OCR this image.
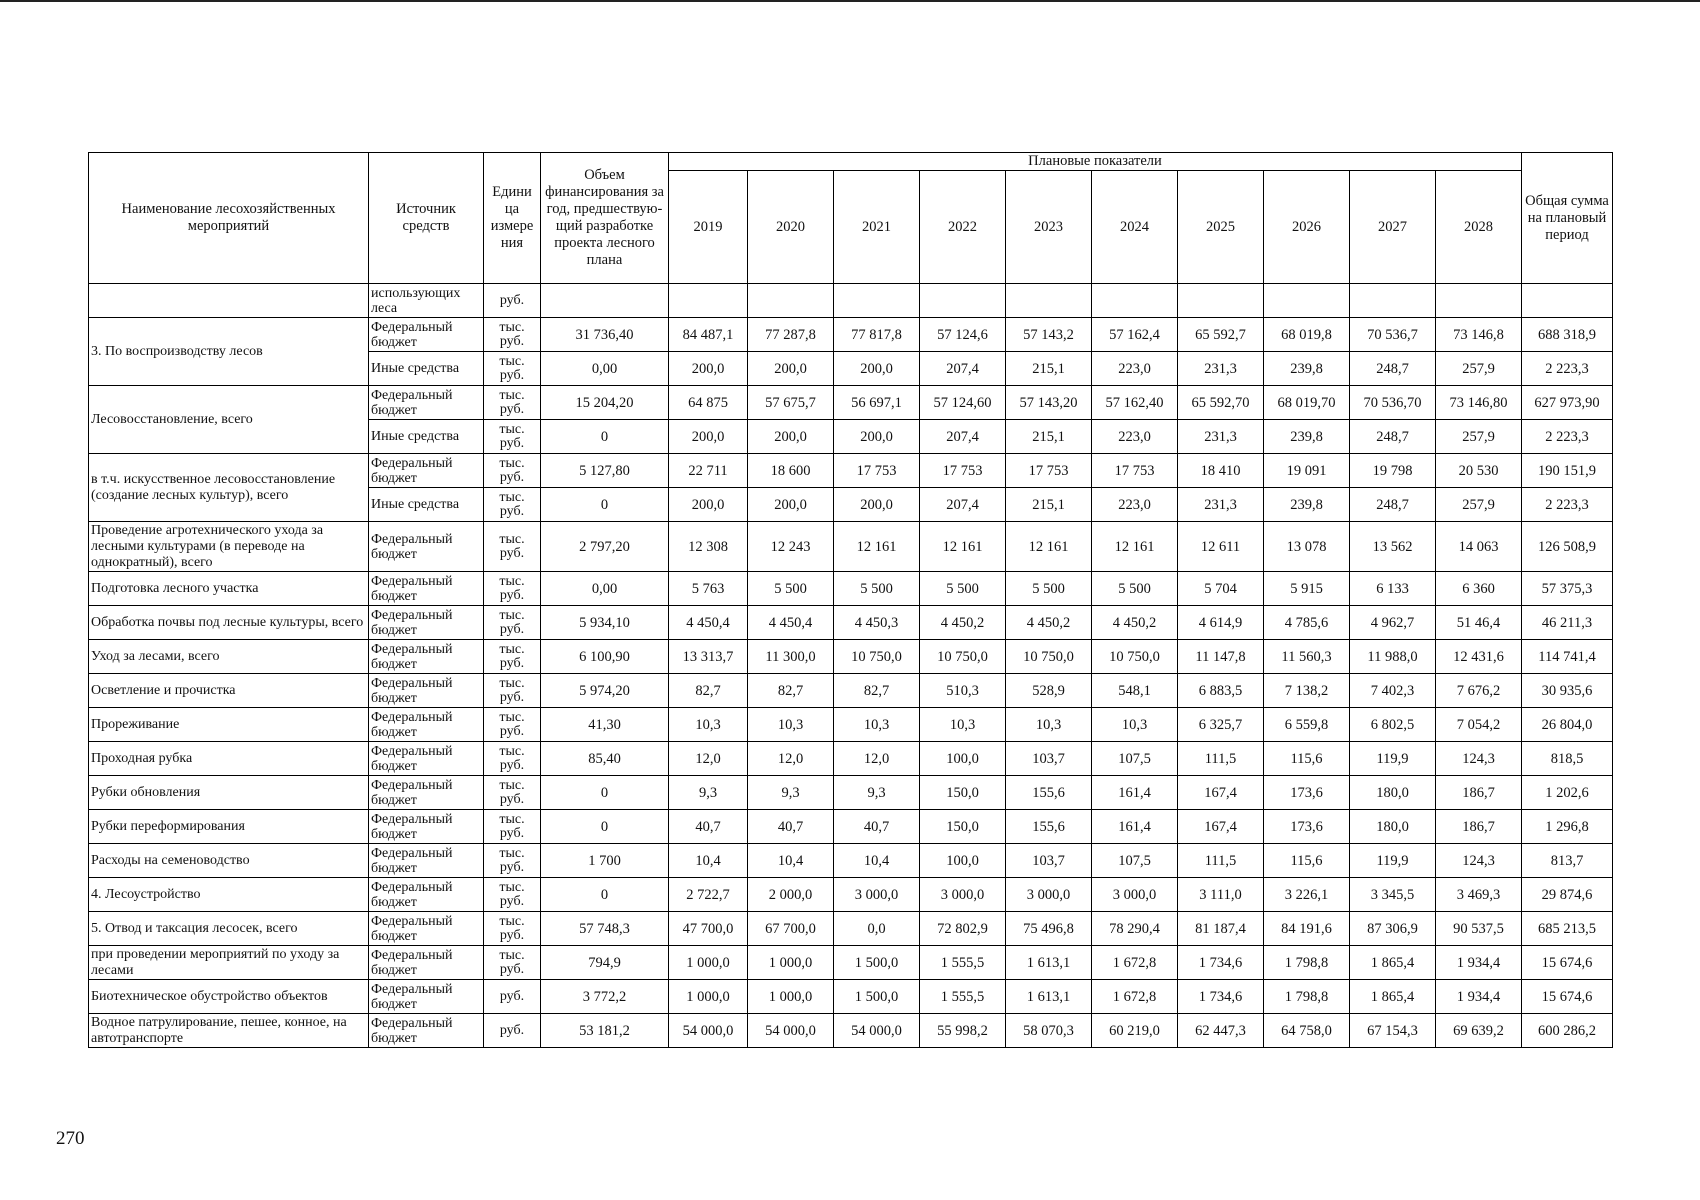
Наименование лесохозяйственных мероприятий	Источник средств	Едини ца измере ния	Объем финансирования за год, предшествую-щий разработке проекта лесного плана	Плановые показатели										Общая сумма на плановый период
				2019	2020	2021	2022	2023	2024	2025	2026	2027	2028	
	использующих леса	руб.												
3. По воспроизводству лесов	Федеральный бюджет	тыс. руб.	31 736,40	84 487,1	77 287,8	77 817,8	57 124,6	57 143,2	57 162,4	65 592,7	68 019,8	70 536,7	73 146,8	688 318,9
	Иные средства	тыс. руб.	0,00	200,0	200,0	200,0	207,4	215,1	223,0	231,3	239,8	248,7	257,9	2 223,3
Лесовосстановление, всего	Федеральный бюджет	тыс. руб.	15 204,20	64 875	57 675,7	56 697,1	57 124,60	57 143,20	57 162,40	65 592,70	68 019,70	70 536,70	73 146,80	627 973,90
	Иные средства	тыс. руб.	0	200,0	200,0	200,0	207,4	215,1	223,0	231,3	239,8	248,7	257,9	2 223,3
в т.ч. искусственное лесовосстановление (создание лесных культур), всего	Федеральный бюджет	тыс. руб.	5 127,80	22 711	18 600	17 753	17 753	17 753	17 753	18 410	19 091	19 798	20 530	190 151,9
	Иные средства	тыс. руб.	0	200,0	200,0	200,0	207,4	215,1	223,0	231,3	239,8	248,7	257,9	2 223,3
Проведение агротехнического ухода за лесными культурами (в переводе на однократный), всего	Федеральный бюджет	тыс. руб.	2 797,20	12 308	12 243	12 161	12 161	12 161	12 161	12 611	13 078	13 562	14 063	126 508,9
Подготовка лесного участка	Федеральный бюджет	тыс. руб.	0,00	5 763	5 500	5 500	5 500	5 500	5 500	5 704	5 915	6 133	6 360	57 375,3
Обработка почвы под лесные культуры, всего	Федеральный бюджет	тыс. руб.	5 934,10	4 450,4	4 450,4	4 450,3	4 450,2	4 450,2	4 450,2	4 614,9	4 785,6	4 962,7	51 46,4	46 211,3
Уход за лесами, всего	Федеральный бюджет	тыс. руб.	6 100,90	13 313,7	11 300,0	10 750,0	10 750,0	10 750,0	10 750,0	11 147,8	11 560,3	11 988,0	12 431,6	114 741,4
Осветление и прочистка	Федеральный бюджет	тыс. руб.	5 974,20	82,7	82,7	82,7	510,3	528,9	548,1	6 883,5	7 138,2	7 402,3	7 676,2	30 935,6
Прореживание	Федеральный бюджет	тыс. руб.	41,30	10,3	10,3	10,3	10,3	10,3	10,3	6 325,7	6 559,8	6 802,5	7 054,2	26 804,0
Проходная рубка	Федеральный бюджет	тыс. руб.	85,40	12,0	12,0	12,0	100,0	103,7	107,5	111,5	115,6	119,9	124,3	818,5
Рубки обновления	Федеральный бюджет	тыс. руб.	0	9,3	9,3	9,3	150,0	155,6	161,4	167,4	173,6	180,0	186,7	1 202,6
Рубки переформирования	Федеральный бюджет	тыс. руб.	0	40,7	40,7	40,7	150,0	155,6	161,4	167,4	173,6	180,0	186,7	1 296,8
Расходы на семеноводство	Федеральный бюджет	тыс. руб.	1 700	10,4	10,4	10,4	100,0	103,7	107,5	111,5	115,6	119,9	124,3	813,7
4. Лесоустройство	Федеральный бюджет	тыс. руб.	0	2 722,7	2 000,0	3 000,0	3 000,0	3 000,0	3 000,0	3 111,0	3 226,1	3 345,5	3 469,3	29 874,6
5. Отвод и таксация лесосек, всего	Федеральный бюджет	тыс. руб.	57 748,3	47 700,0	67 700,0	0,0	72 802,9	75 496,8	78 290,4	81 187,4	84 191,6	87 306,9	90 537,5	685 213,5
при проведении мероприятий по уходу за лесами	Федеральный бюджет	тыс. руб.	794,9	1 000,0	1 000,0	1 500,0	1 555,5	1 613,1	1 672,8	1 734,6	1 798,8	1 865,4	1 934,4	15 674,6
Биотехническое обустройство объектов	Федеральный бюджет	руб.	3 772,2	1 000,0	1 000,0	1 500,0	1 555,5	1 613,1	1 672,8	1 734,6	1 798,8	1 865,4	1 934,4	15 674,6
Водное патрулирование, пешее, конное, на автотранспорте	Федеральный бюджет	руб.	53 181,2	54 000,0	54 000,0	54 000,0	55 998,2	58 070,3	60 219,0	62 447,3	64 758,0	67 154,3	69 639,2	600 286,2
270
